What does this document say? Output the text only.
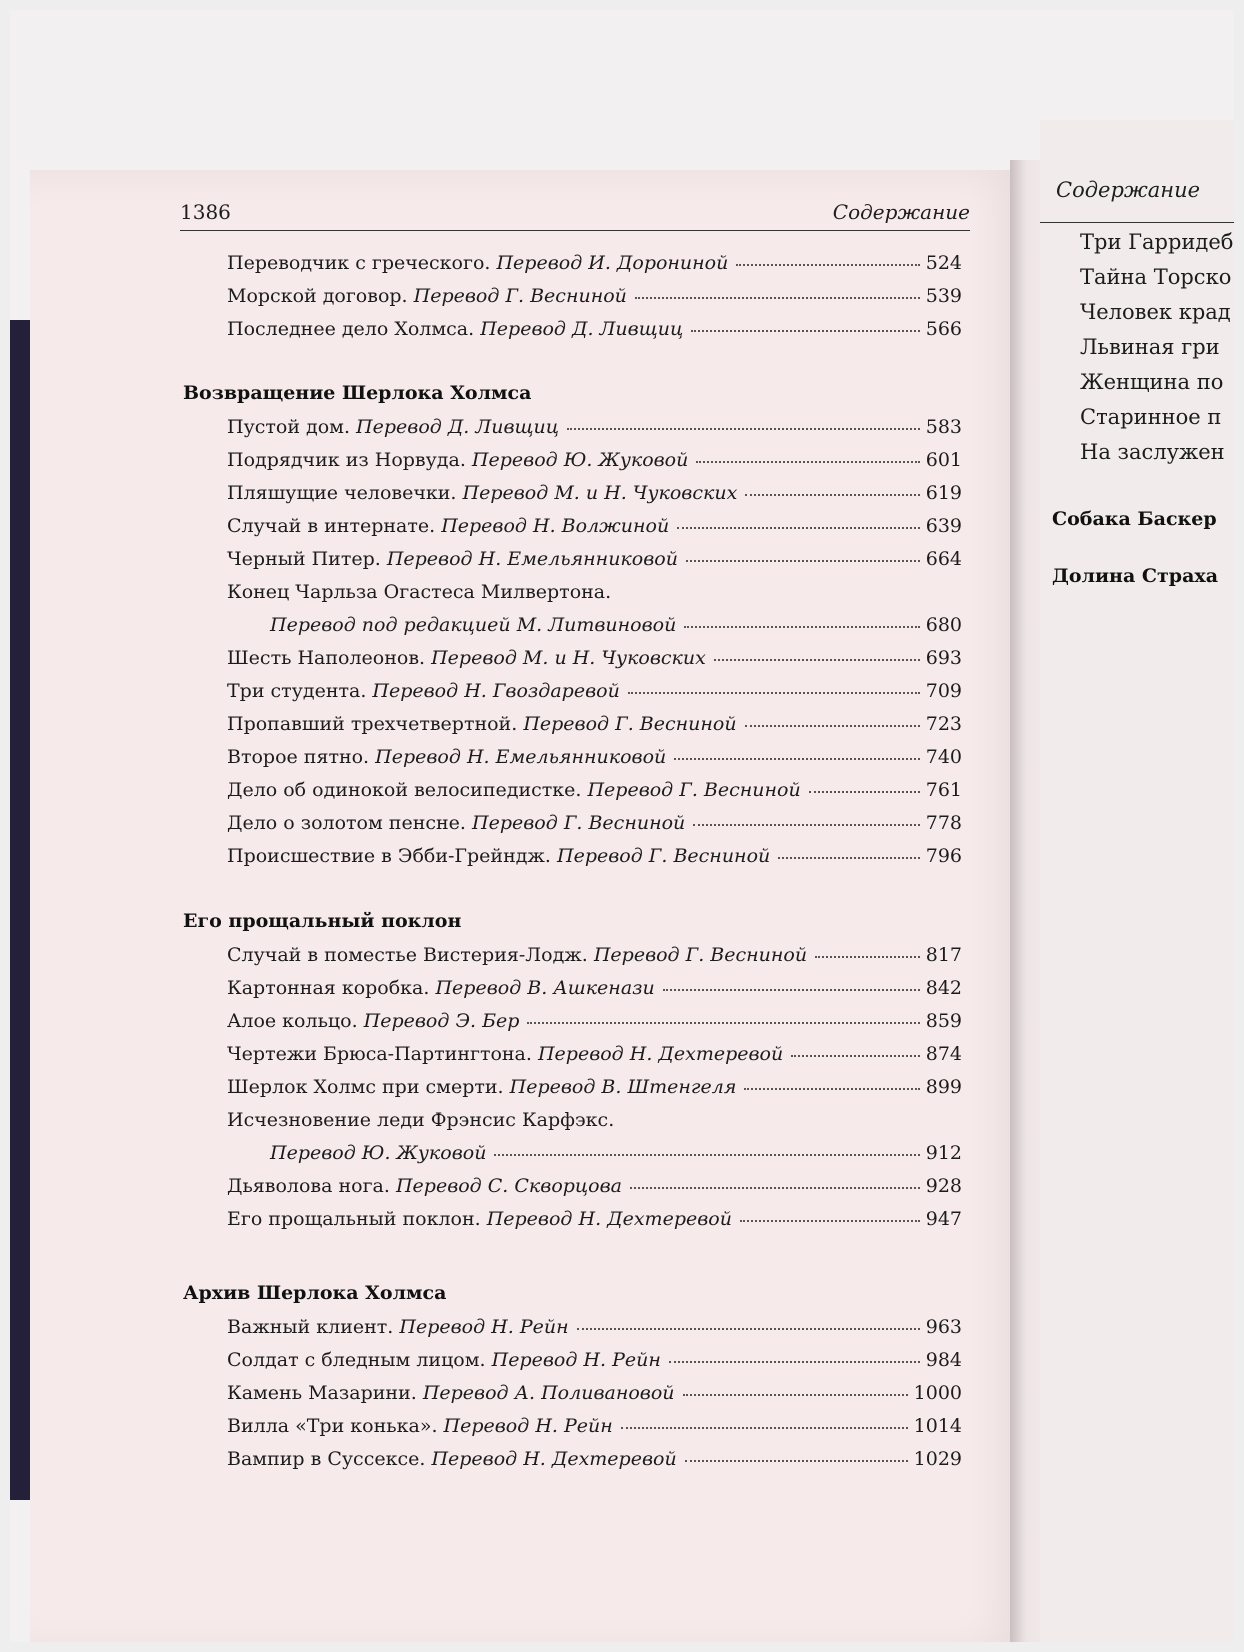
Содержание
Три Гарридеб
Тайна Торско
Человек крад
Львиная гри
Женщина по
Старинное п
На заслужен
Собака Баскер
Долина Страха
1386	Содержание
Переводчик с греческого. Перевод И. Дорониной	524
Морской договор. Перевод Г. Весниной	539
Последнее дело Холмса. Перевод Д. Ливщиц	566
Возвращение Шерлока Холмса
Пустой дом. Перевод Д. Ливщиц	583
Подрядчик из Норвуда. Перевод Ю. Жуковой	601
Пляшущие человечки. Перевод М. и Н. Чуковских	619
Случай в интернате. Перевод Н. Волжиной	639
Черный Питер. Перевод Н. Емельянниковой	664
Конец Чарльза Огастеса Милвертона.
Перевод под редакцией М. Литвиновой	680
Шесть Наполеонов. Перевод М. и Н. Чуковских	693
Три студента. Перевод Н. Гвоздаревой	709
Пропавший трехчетвертной. Перевод Г. Весниной	723
Второе пятно. Перевод Н. Емельянниковой	740
Дело об одинокой велосипедистке. Перевод Г. Весниной	761
Дело о золотом пенсне. Перевод Г. Весниной	778
Происшествие в Эбби-Грейндж. Перевод Г. Весниной	796
Его прощальный поклон
Случай в поместье Вистерия-Лодж. Перевод Г. Весниной	817
Картонная коробка. Перевод В. Ашкенази	842
Алое кольцо. Перевод Э. Бер	859
Чертежи Брюса-Партингтона. Перевод Н. Дехтеревой	874
Шерлок Холмс при смерти. Перевод В. Штенгеля	899
Исчезновение леди Фрэнсис Карфэкс.
Перевод Ю. Жуковой	912
Дьяволова нога. Перевод С. Скворцова	928
Его прощальный поклон. Перевод Н. Дехтеревой	947
Архив Шерлока Холмса
Важный клиент. Перевод Н. Рейн	963
Солдат с бледным лицом. Перевод Н. Рейн	984
Камень Мазарини. Перевод А. Поливановой	1000
Вилла «Три конька». Перевод Н. Рейн	1014
Вампир в Суссексе. Перевод Н. Дехтеревой	1029
